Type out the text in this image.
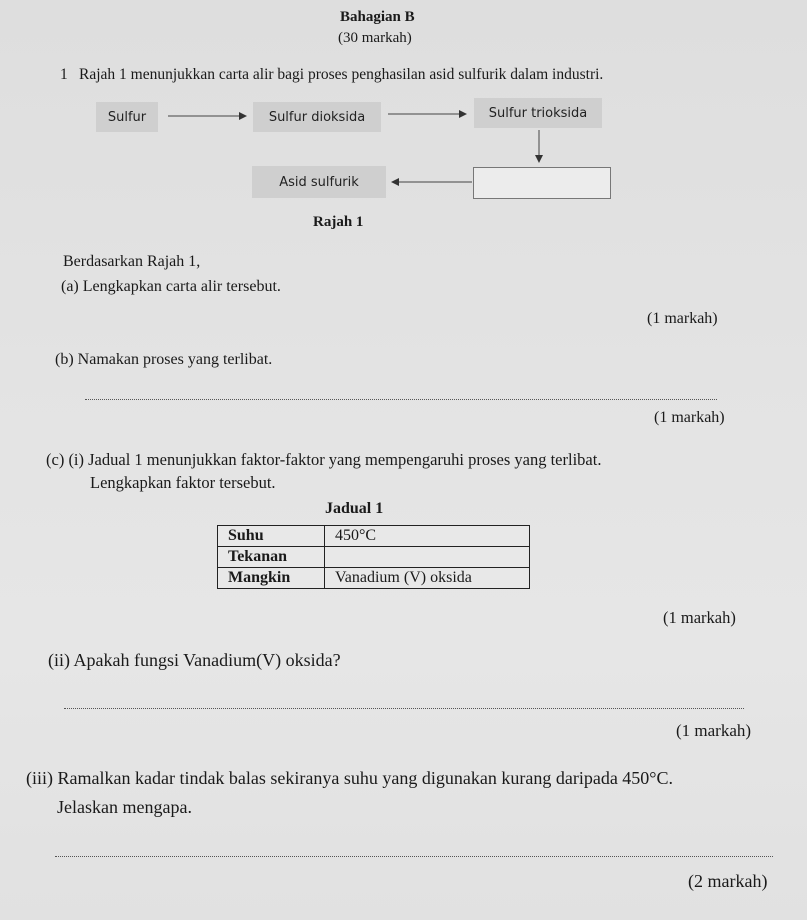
Bahagian B
(30 markah)
1 Rajah 1 menunjukkan carta alir bagi proses penghasilan asid sulfurik dalam industri.
Sulfur	Sulfur dioksida	Sulfur trioksida
Asid sulfurik
Rajah 1
Berdasarkan Rajah 1,
(a) Lengkapkan carta alir tersebut.
(1 markah)
(b) Namakan proses yang terlibat.
(1 markah)
(c) (i) Jadual 1 menunjukkan faktor-faktor yang mempengaruhi proses yang terlibat.
Lengkapkan faktor tersebut.
Jadual 1
Suhu	450°C
Tekanan	
Mangkin	Vanadium (V) oksida
(1 markah)
(ii) Apakah fungsi Vanadium(V) oksida?
(1 markah)
(iii) Ramalkan kadar tindak balas sekiranya suhu yang digunakan kurang daripada 450°C.
Jelaskan mengapa.
(2 markah)
